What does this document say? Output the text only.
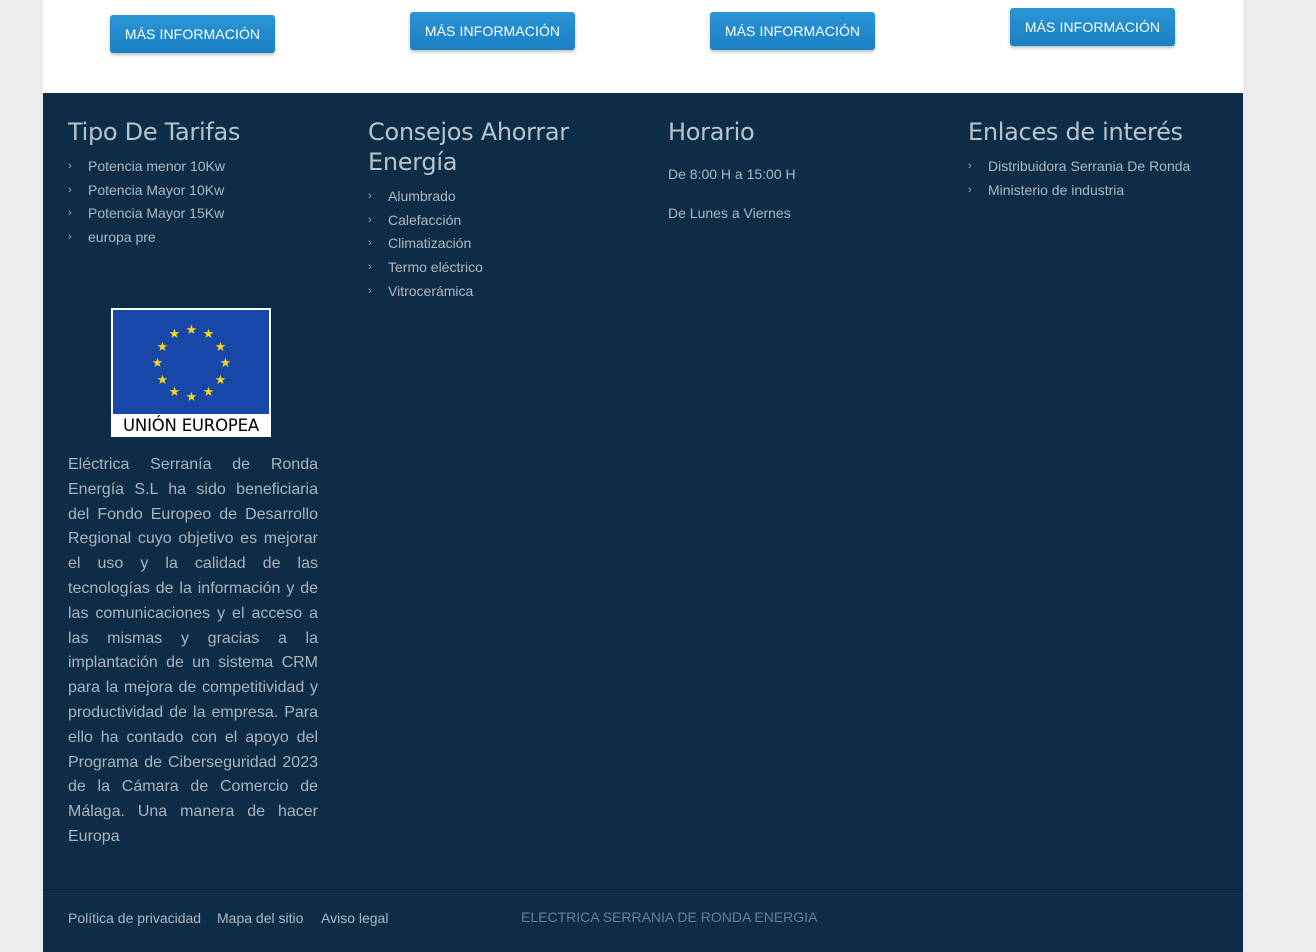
MÁS INFORMACIÓN	MÁS INFORMACIÓN	MÁS INFORMACIÓN	MÁS INFORMACIÓN
Tipo De Tarifas
› Potencia menor 10Kw
› Potencia Mayor 10Kw
› Potencia Mayor 15Kw
› europa pre
★ ★
★
★
★
★
★
★
★
★
★
★
UNIÓN EUROPEA

Eléctrica Serranía de Ronda Energía S.L ha sido beneficiaria del Fondo Europeo de Desarrollo Regional cuyo objetivo es mejorar el uso y la calidad de las tecnologías de la información y de las comunicaciones y el acceso a las mismas y gracias a la implantación de un sistema CRM para la mejora de competitividad y productividad de la empresa. Para ello ha contado con el apoyo del Programa de Ciberseguridad 2023 de la Cámara de Comercio de Málaga. Una manera de hacer Europa

Consejos Ahorrar Energía
› Alumbrado
› Calefacción
› Climatización
› Termo eléctrico
› Vitrocerámica
Horario

De 8:00 H a 15:00 H

De Lunes a Viernes

Enlaces de interés
› Distribuidora Serrania De Ronda
› Ministerio de industria
Política de privacidad Mapa del sitio Aviso legal	ELECTRICA SERRANIA DE RONDA ENERGIA
